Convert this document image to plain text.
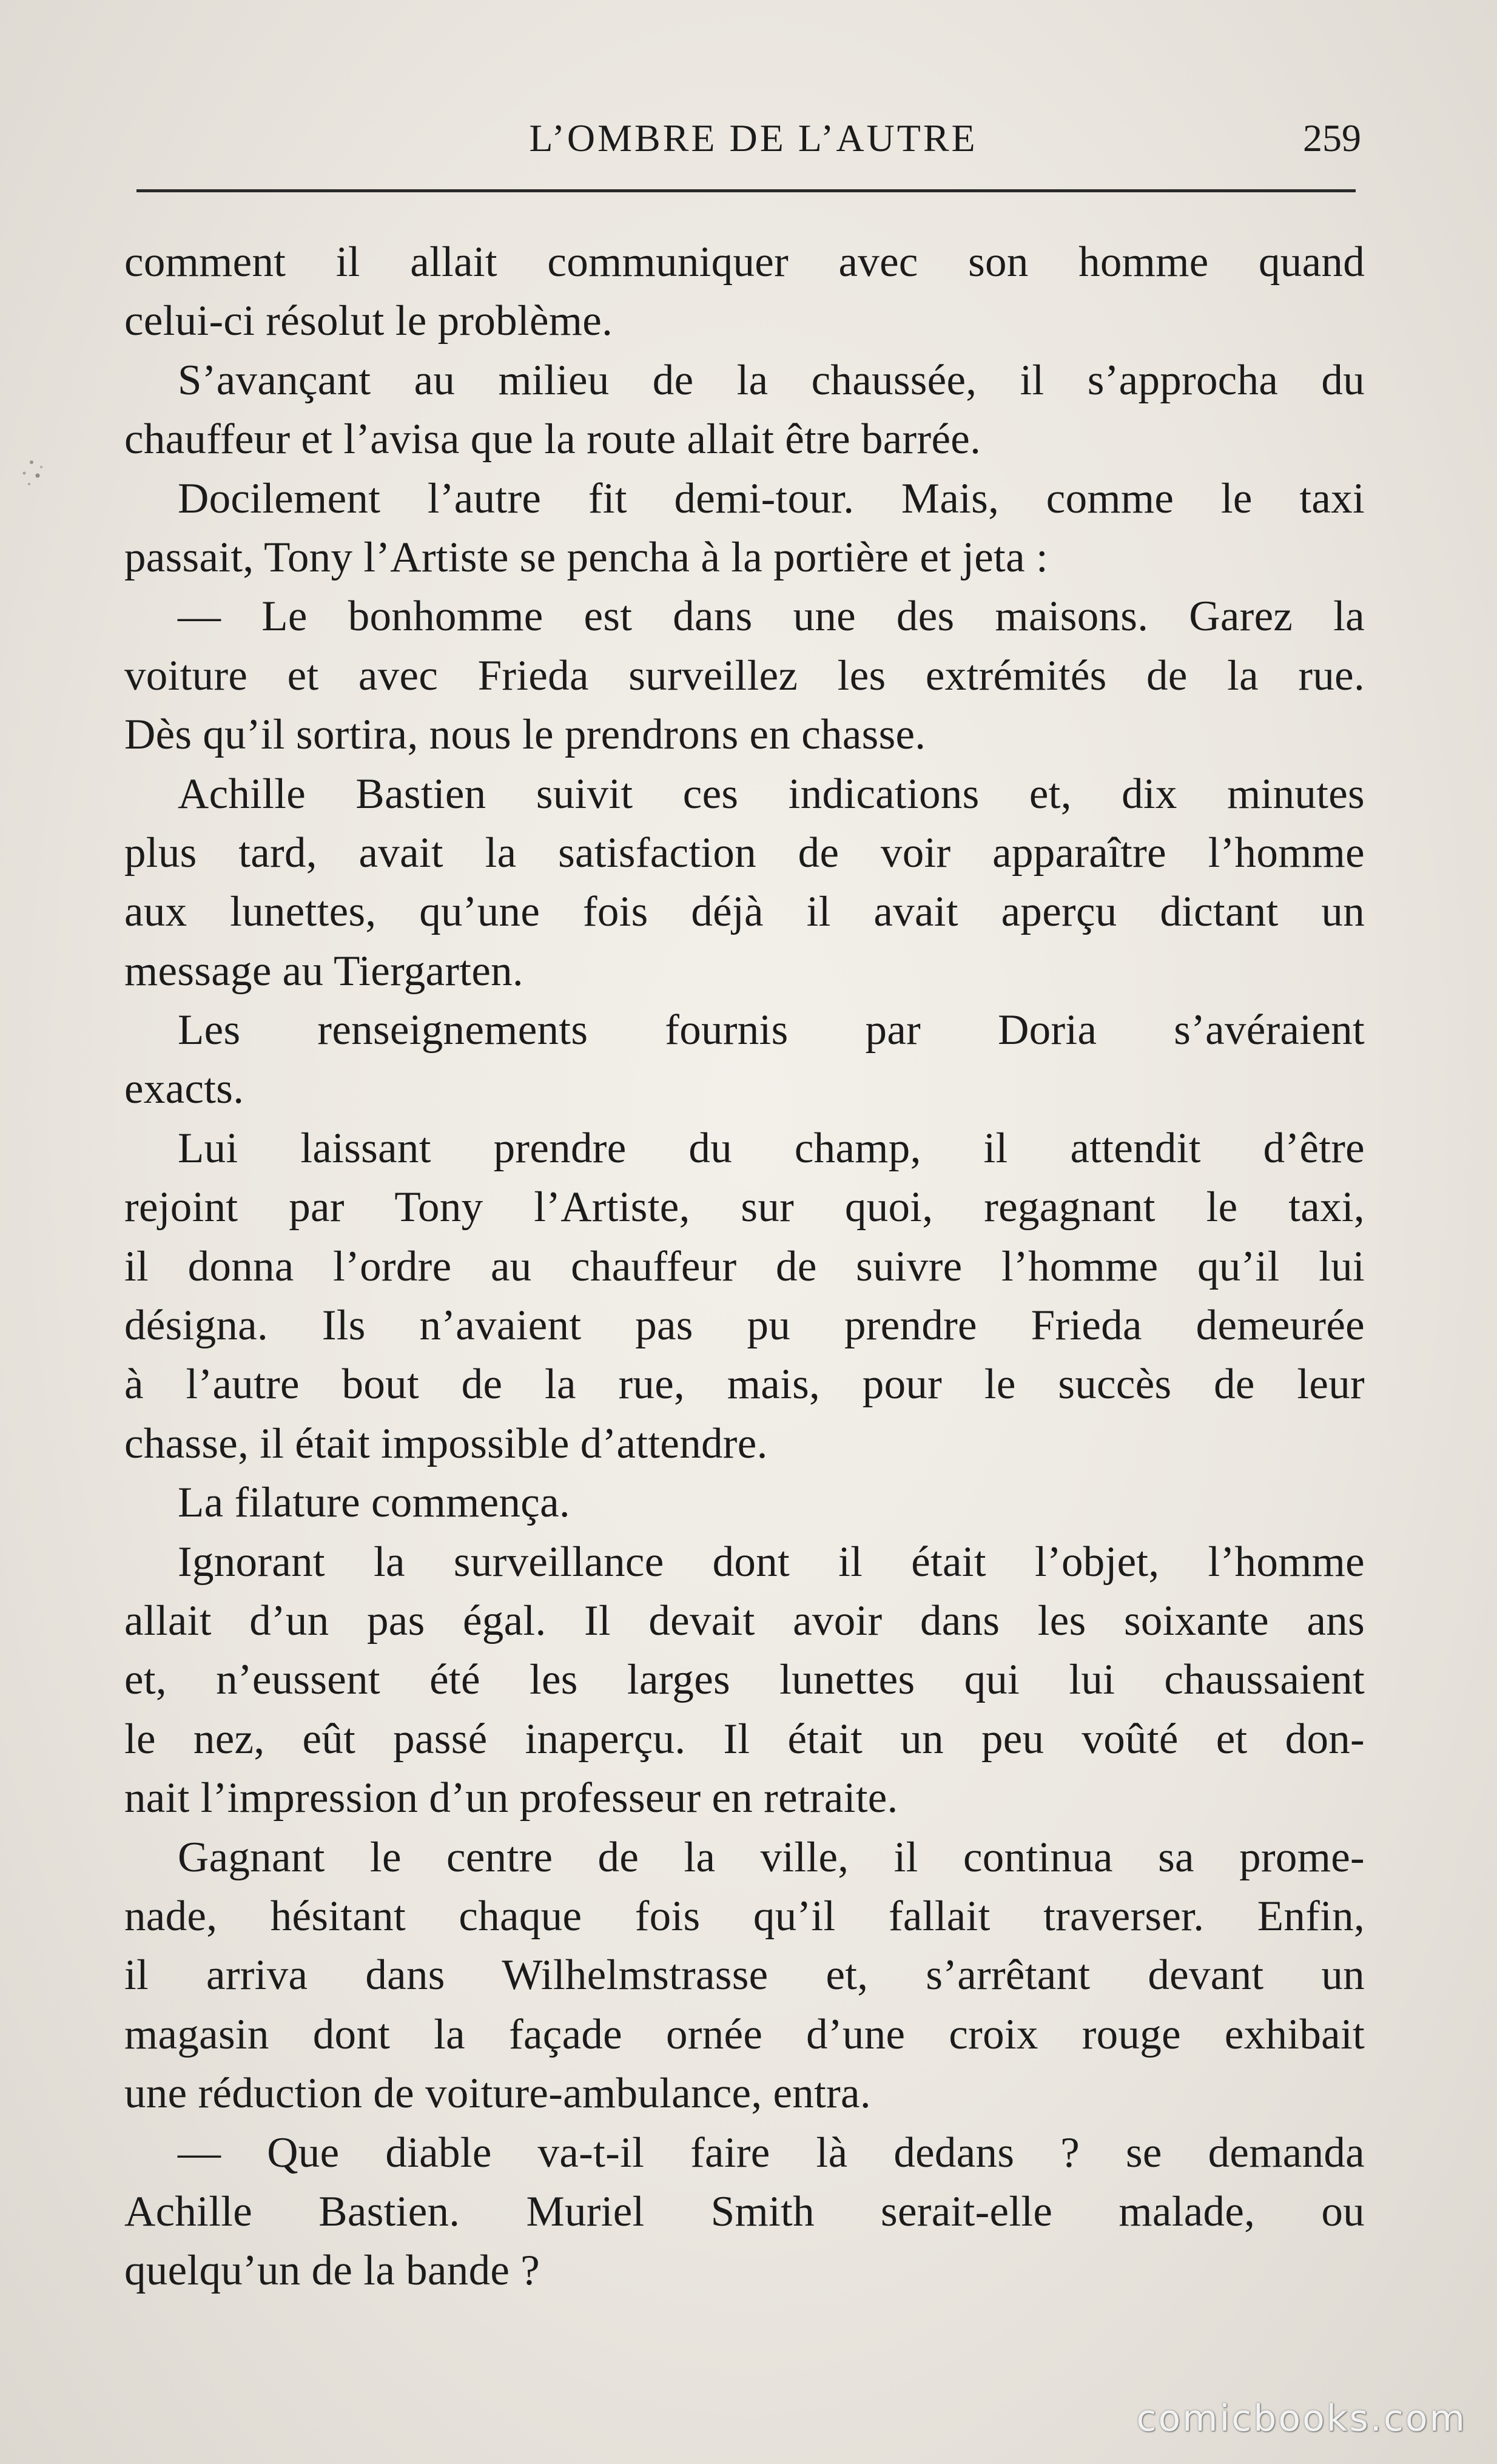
L’OMBRE DE L’AUTRE	259
comment il allait communiquer avec son homme quand
celui-ci résolut le problème.
S’avançant au milieu de la chaussée, il s’approcha du
chauffeur et l’avisa que la route allait être barrée.
Docilement l’autre fit demi-tour. Mais, comme le taxi
passait, Tony l’Artiste se pencha à la portière et jeta :
— Le bonhomme est dans une des maisons. Garez la
voiture et avec Frieda surveillez les extrémités de la rue.
Dès qu’il sortira, nous le prendrons en chasse.
Achille Bastien suivit ces indications et, dix minutes
plus tard, avait la satisfaction de voir apparaître l’homme
aux lunettes, qu’une fois déjà il avait aperçu dictant un
message au Tiergarten.
Les renseignements fournis par Doria s’avéraient
exacts.
Lui laissant prendre du champ, il attendit d’être
rejoint par Tony l’Artiste, sur quoi, regagnant le taxi,
il donna l’ordre au chauffeur de suivre l’homme qu’il lui
désigna. Ils n’avaient pas pu prendre Frieda demeurée
à l’autre bout de la rue, mais, pour le succès de leur
chasse, il était impossible d’attendre.
La filature commença.
Ignorant la surveillance dont il était l’objet, l’homme
allait d’un pas égal. Il devait avoir dans les soixante ans
et, n’eussent été les larges lunettes qui lui chaussaient
le nez, eût passé inaperçu. Il était un peu voûté et don-
nait l’impression d’un professeur en retraite.
Gagnant le centre de la ville, il continua sa prome-
nade, hésitant chaque fois qu’il fallait traverser. Enfin,
il arriva dans Wilhelmstrasse et, s’arrêtant devant un
magasin dont la façade ornée d’une croix rouge exhibait
une réduction de voiture-ambulance, entra.
— Que diable va-t-il faire là dedans ? se demanda
Achille Bastien. Muriel Smith serait-elle malade, ou
quelqu’un de la bande ?
comicbooks.com
